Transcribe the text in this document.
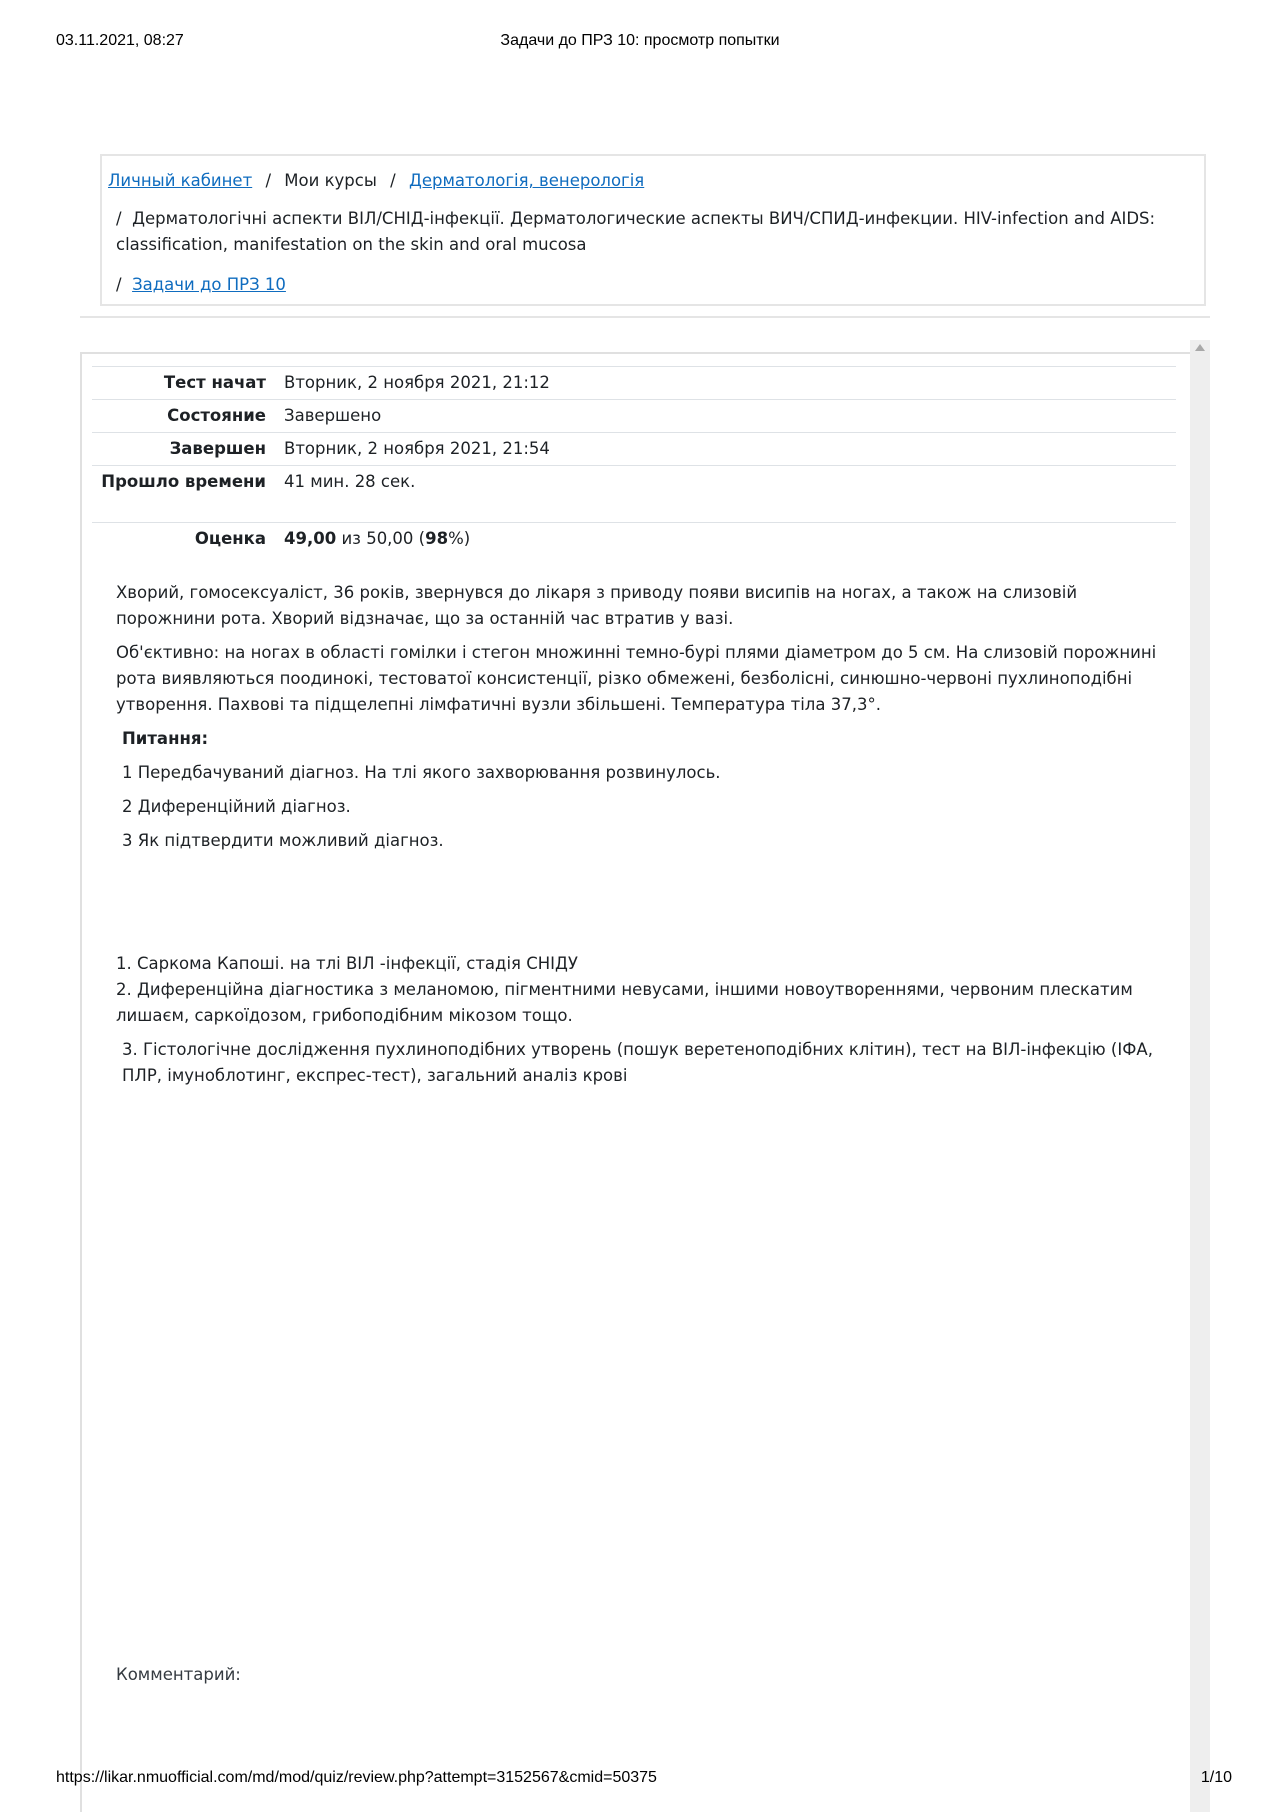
03.11.2021, 08:27	Задачи до ПРЗ 10: просмотр попытки
Личный кабинет / Мои курсы / Дерматологія, венерологія
/ Дерматологічні аспекти ВІЛ/СНІД-інфекції. Дерматологические аспекты ВИЧ/СПИД-инфекции. HIV-infection and AIDS: classification, manifestation on the skin and oral mucosa
/ Задачи до ПРЗ 10
Тест начат	Вторник, 2 ноября 2021, 21:12
Состояние	Завершено
Завершен	Вторник, 2 ноября 2021, 21:54
Прошло времени	41 мин. 28 сек.
Оценка	49,00 из 50,00 (98%)

Хворий, гомосексуаліст, 36 років, звернувся до лікаря з приводу появи висипів на ногах, а також на слизовій порожнини рота. Хворий відзначає, що за останній час втратив у вазі.

Об'єктивно: на ногах в області гомілки і стегон множинні темно-бурі плями діаметром до 5 см. На слизовій порожнині рота виявляються поодинокі, тестоватої консистенції, різко обмежені, безболісні, синюшно-червоні пухлиноподібні утворення. Пахвові та підщелепні лімфатичні вузли збільшені. Температура тіла 37,3°.

Питання:

1 Передбачуваний діагноз. На тлі якого захворювання розвинулось.

2 Диференційний діагноз.

3 Як підтвердити можливий діагноз.

1. Саркома Капоші. на тлі ВІЛ -інфекції, стадія СНІДУ

2. Диференційна діагностика з меланомою, пігментними невусами, іншими новоутвореннями, червоним плескатим лишаєм, саркоїдозом, грибоподібним мікозом тощо.

3. Гістологічне дослідження пухлиноподібних утворень (пошук веретеноподібних клітин), тест на ВІЛ-інфекцію (ІФА, ПЛР, імуноблотинг, експрес-тест), загальний аналіз крові

Комментарий:
https://likar.nmuofficial.com/md/mod/quiz/review.php?attempt=3152567&cmid=50375	1/10
